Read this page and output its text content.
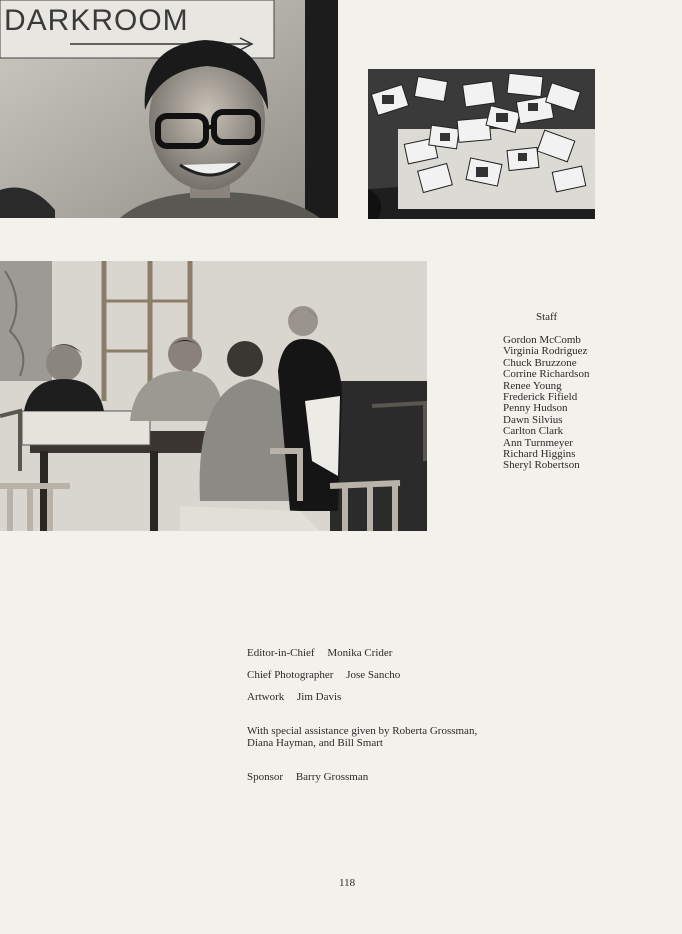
DARKROOM
Staff
Gordon McComb
Virginia Rodriguez
Chuck Bruzzone
Corrine Richardson
Renee Young
Frederick Fifield
Penny Hudson
Dawn Silvius
Carlton Clark
Ann Turnmeyer
Richard Higgins
Sheryl Robertson
Editor-in-Chief Monika Crider
Chief Photographer Jose Sancho
Artwork Jim Davis
With special assistance given by Roberta Grossman, Diana Hayman, and Bill Smart
Sponsor Barry Grossman
118
